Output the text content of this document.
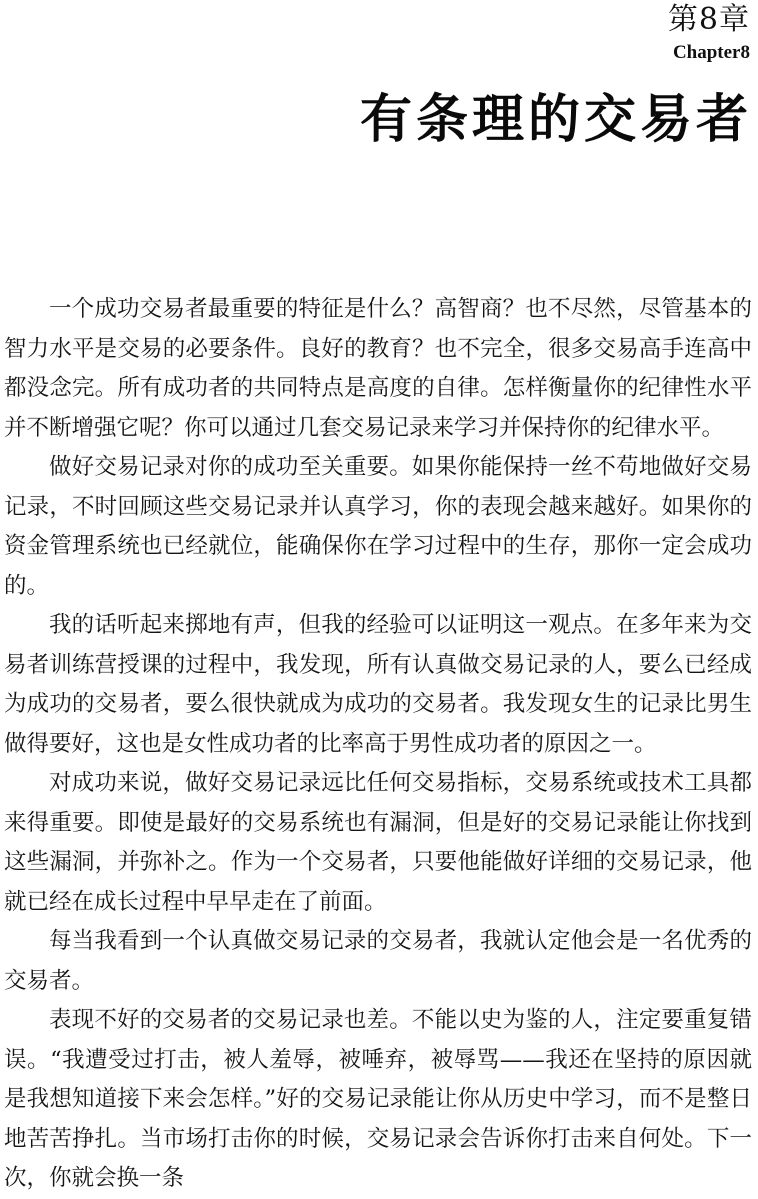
第8章
Chapter8
有条理的交易者

一个成功交易者最重要的特征是什么？高智商？也不尽然，尽管基本的智力水平是交易的必要条件。良好的教育？也不完全，很多交易高手连高中都没念完。所有成功者的共同特点是高度的自律。怎样衡量你的纪律性水平并不断增强它呢？你可以通过几套交易记录来学习并保持你的纪律水平。

做好交易记录对你的成功至关重要。如果你能保持一丝不苟地做好交易记录，不时回顾这些交易记录并认真学习，你的表现会越来越好。如果你的资金管理系统也已经就位，能确保你在学习过程中的生存，那你一定会成功的。

我的话听起来掷地有声，但我的经验可以证明这一观点。在多年来为交易者训练营授课的过程中，我发现，所有认真做交易记录的人，要么已经成为成功的交易者，要么很快就成为成功的交易者。我发现女生的记录比男生做得要好，这也是女性成功者的比率高于男性成功者的原因之一。

对成功来说，做好交易记录远比任何交易指标，交易系统或技术工具都来得重要。即使是最好的交易系统也有漏洞，但是好的交易记录能让你找到这些漏洞，并弥补之。作为一个交易者，只要他能做好详细的交易记录，他就已经在成长过程中早早走在了前面。

每当我看到一个认真做交易记录的交易者，我就认定他会是一名优秀的交易者。

表现不好的交易者的交易记录也差。不能以史为鉴的人，注定要重复错误。“我遭受过打击，被人羞辱，被唾弃，被辱骂——我还在坚持的原因就是我想知道接下来会怎样。”好的交易记录能让你从历史中学习，而不是整日地苦苦挣扎。当市场打击你的时候，交易记录会告诉你打击来自何处。下一次，你就会换一条
